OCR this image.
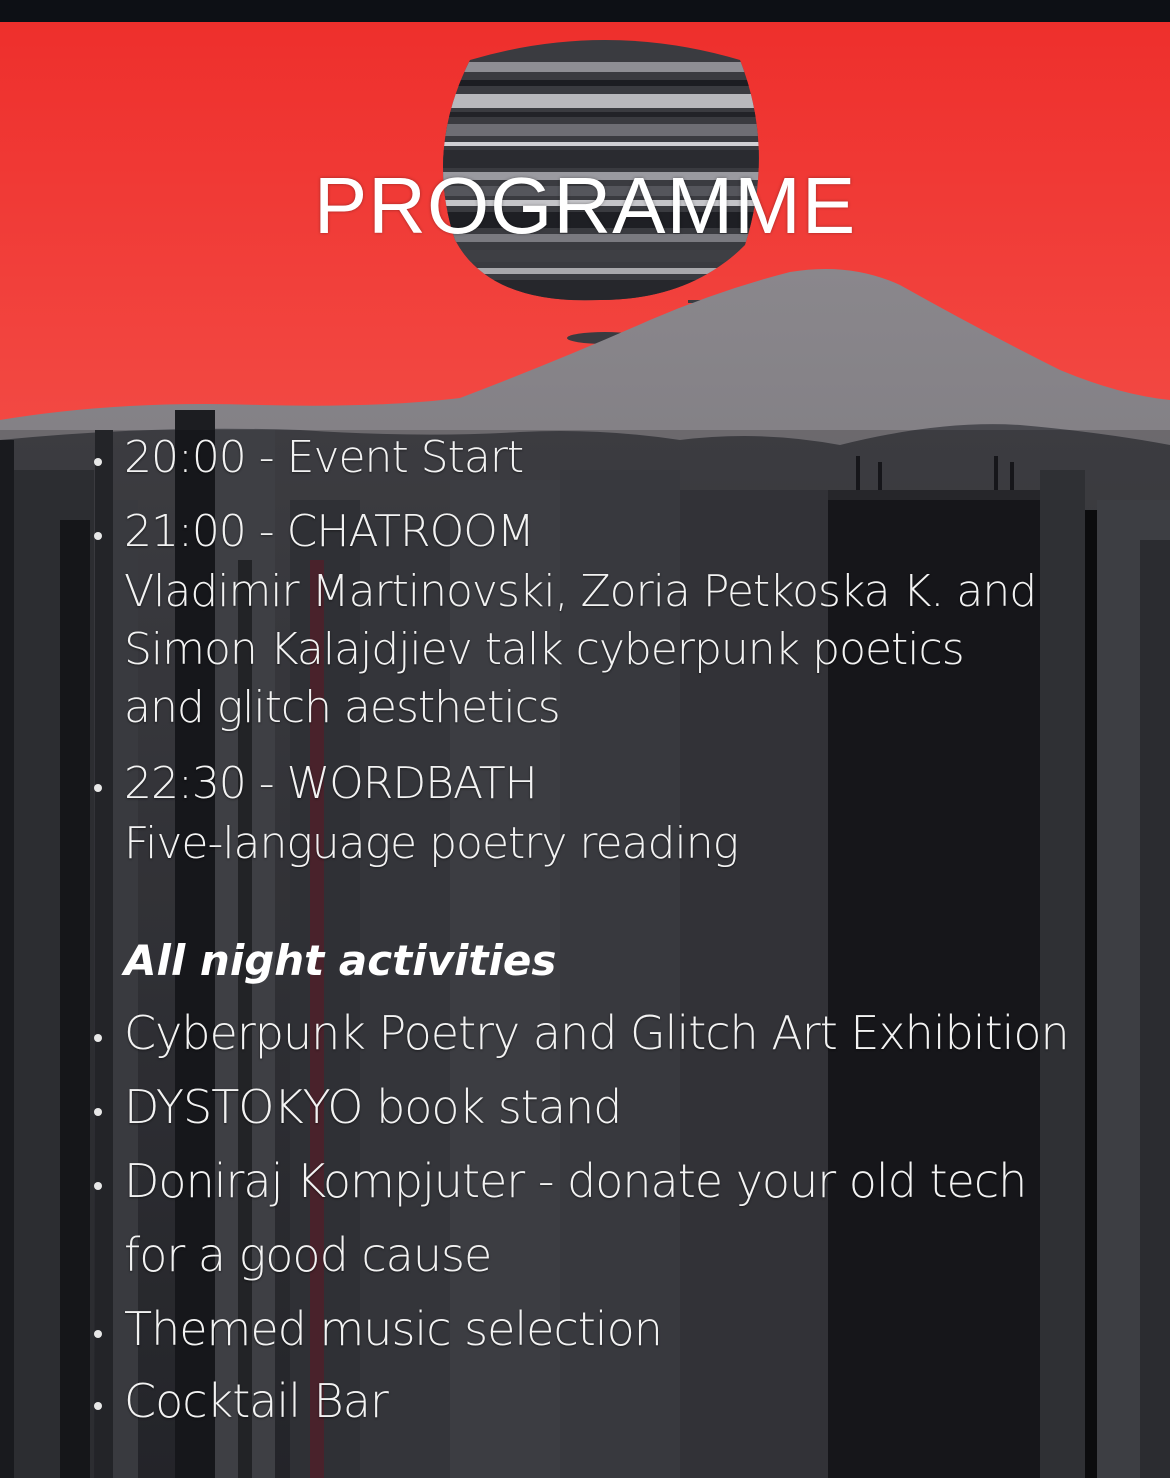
PROGRAMME
20:00 - Event Start
21:00 - CHATROOM
Vladimir Martinovski, Zoria Petkoska K. and
Simon Kalajdjiev talk cyberpunk poetics
and glitch aesthetics
22:30 - WORDBATH
Five-language poetry reading
All night activities
Cyberpunk Poetry and Glitch Art Exhibition
DYSTOKYO book stand
Doniraj Kompjuter - donate your old tech
for a good cause
Themed music selection
Cocktail Bar
